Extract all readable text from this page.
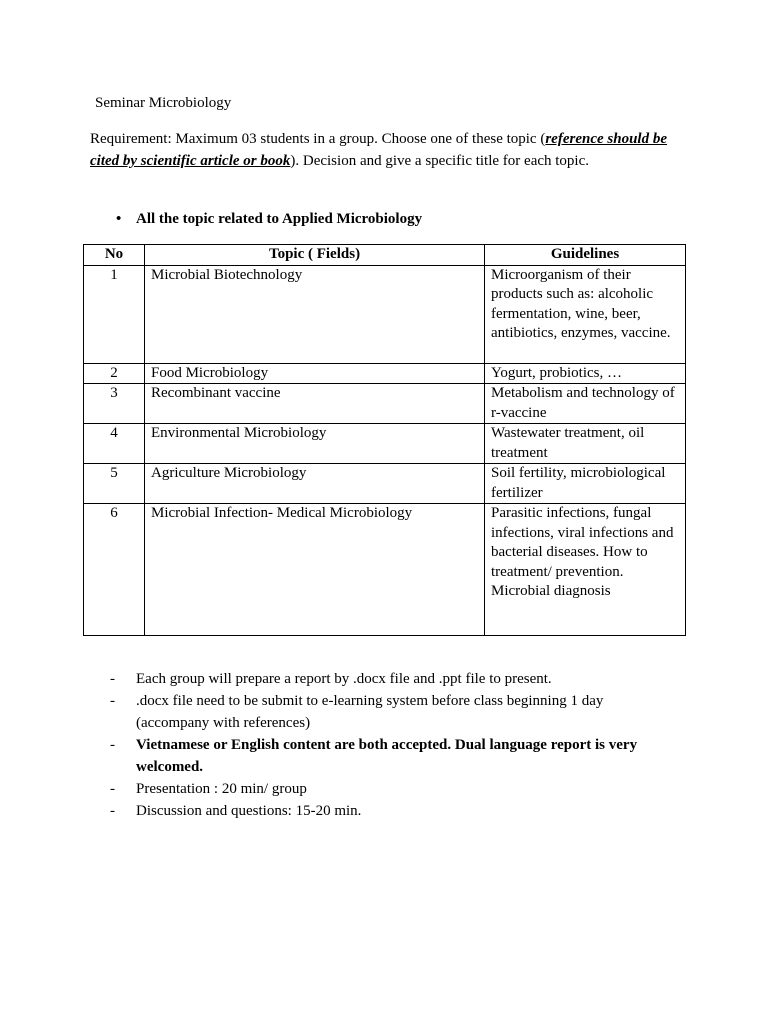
Seminar Microbiology
Requirement: Maximum 03 students in a group. Choose one of these topic (reference should be cited by scientific article or book). Decision and give a specific title for each topic.
• All the topic related to Applied Microbiology
No	Topic ( Fields)	Guidelines
1	Microbial Biotechnology	Microorganism of their products such as: alcoholic fermentation, wine, beer, antibiotics, enzymes, vaccine.
2	Food Microbiology	Yogurt, probiotics, …
3	Recombinant vaccine	Metabolism and technology of r-vaccine
4	Environmental Microbiology	Wastewater treatment, oil treatment
5	Agriculture Microbiology	Soil fertility, microbiological fertilizer
6	Microbial Infection- Medical Microbiology	Parasitic infections, fungal infections, viral infections and bacterial diseases. How to treatment/ prevention. Microbial diagnosis
- Each group will prepare a report by .docx file and .ppt file to present.
- .docx file need to be submit to e-learning system before class beginning 1 day (accompany with references)
- Vietnamese or English content are both accepted. Dual language report is very welcomed.
- Presentation : 20 min/ group
- Discussion and questions: 15-20 min.
